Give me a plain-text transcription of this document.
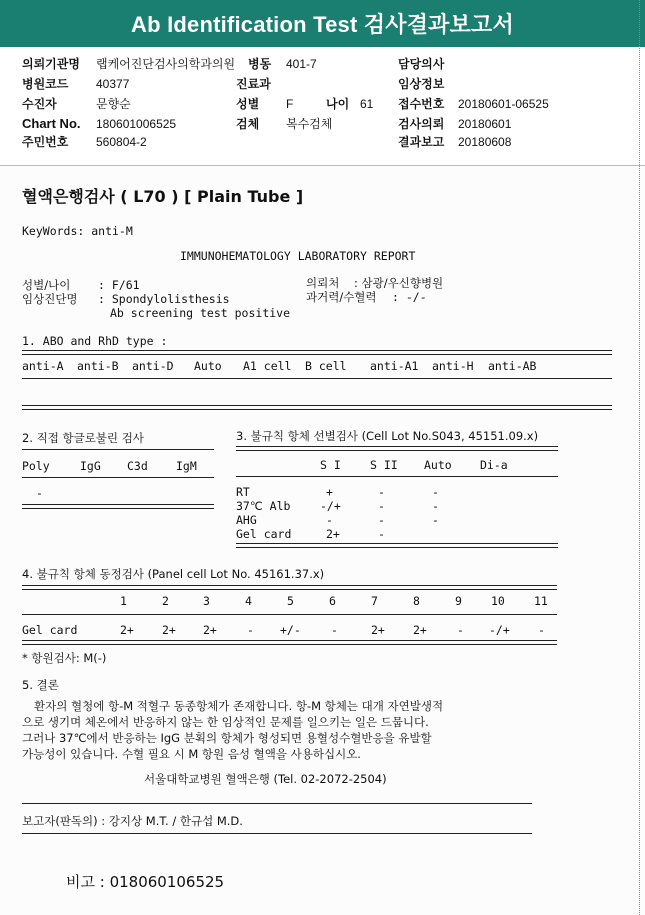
Ab Identification Test 검사결과보고서
의뢰기관명 랩케어진단검사의학과의원 병동 401-7	담당의사
병원코드 40377	진료과	임상정보
수진자	문향순	성별 F	나이 61 접수번호 20180601-06525
Chart No. 180601006525	검체 복수검체	검사의뢰 20180601
주민번호 560804-2	결과보고 20180608
혈액은행검사 ( L70 ) [ Plain Tube ]
KeyWords: anti-M
IMMUNOHEMATOLOGY LABORATORY REPORT
성별/나이 : F/61
임상진단명 : Spondylolisthesis
Ab screening test positive
의뢰처 : 삼광/우신향병원
과거력/수혈력 : -/-
1. ABO and RhD type :
anti-A anti-B anti-D Auto A1 cell B cell anti-A1 anti-H anti-AB
2. 직접 항글로불린 검사
Poly	IgG C3d IgM
-
3. 불규칙 항체 선별검사 (Cell Lot No.S043, 45151.09.x)
S I	S II Auto Di-a
RT	+	-	-
37℃ Alb	-/+	-	-
AHG	-	-	-
Gel card	2+	-
4. 불규칙 항체 동정검사 (Panel cell Lot No. 45161.37.x)
1	2	3	4	5	6	7	8	9	10	11
Gel card	2+ 2+ 2+	- +/-	-	2+ 2+	- -/+ -
* 항원검사: M(-)
5. 결론
환자의 혈청에 항-M 적혈구 동종항체가 존재합니다. 항-M 항체는 대개 자연발생적
으로 생기며 체온에서 반응하지 않는 한 임상적인 문제를 일으키는 일은 드뭅니다.
그러나 37℃에서 반응하는 IgG 분획의 항체가 형성되면 용혈성수혈반응을 유발할
가능성이 있습니다. 수혈 필요 시 M 항원 음성 혈액을 사용하십시오.
서울대학교병원 혈액은행 (Tel. 02-2072-2504)
보고자(판독의) : 강지상 M.T. / 한규섭 M.D.
비고 : 018060106525
